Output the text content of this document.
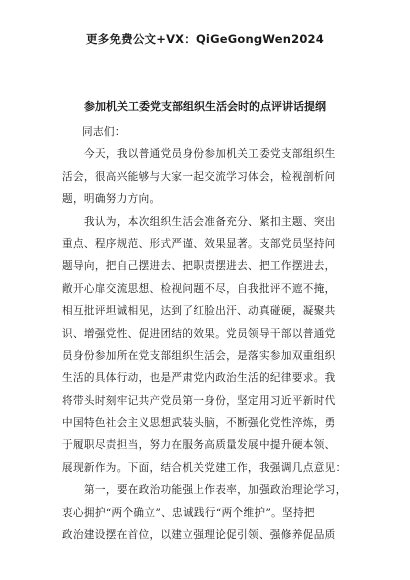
更多免费公文+VX：QiGeGongWen2024
参加机关工委党支部组织生活会时的点评讲话提纲
同志们：
今天，我以普通党员身份参加机关工委党支部组织生
活会，很高兴能够与大家一起交流学习体会，检视剖析问
题，明确努力方向。
我认为，本次组织生活会准备充分、紧扣主题、突出
重点、程序规范、形式严谨、效果显著。支部党员坚持问
题导向，把自己摆进去、把职责摆进去、把工作摆进去，
敞开心扉交流思想、检视问题不尽，自我批评不遮不掩，
相互批评坦诚相见，达到了红脸出汗、动真碰硬，凝聚共
识、增强党性、促进团结的效果。党员领导干部以普通党
员身份参加所在党支部组织生活会，是落实参加双重组织
生活的具体行动，也是严肃党内政治生活的纪律要求。我
将带头时刻牢记共产党员第一身份，坚定用习近平新时代
中国特色社会主义思想武装头脑，不断强化党性淬炼，勇
于履职尽责担当，努力在服务高质量发展中提升硬本领、
展现新作为。下面，结合机关党建工作，我强调几点意见：
第一，要在政治功能强上作表率，加强政治理论学习，
衷心拥护“两个确立”、忠诚践行“两个维护”。坚持把
政治建设摆在首位，以建立强理论促引领、强修养促品质
